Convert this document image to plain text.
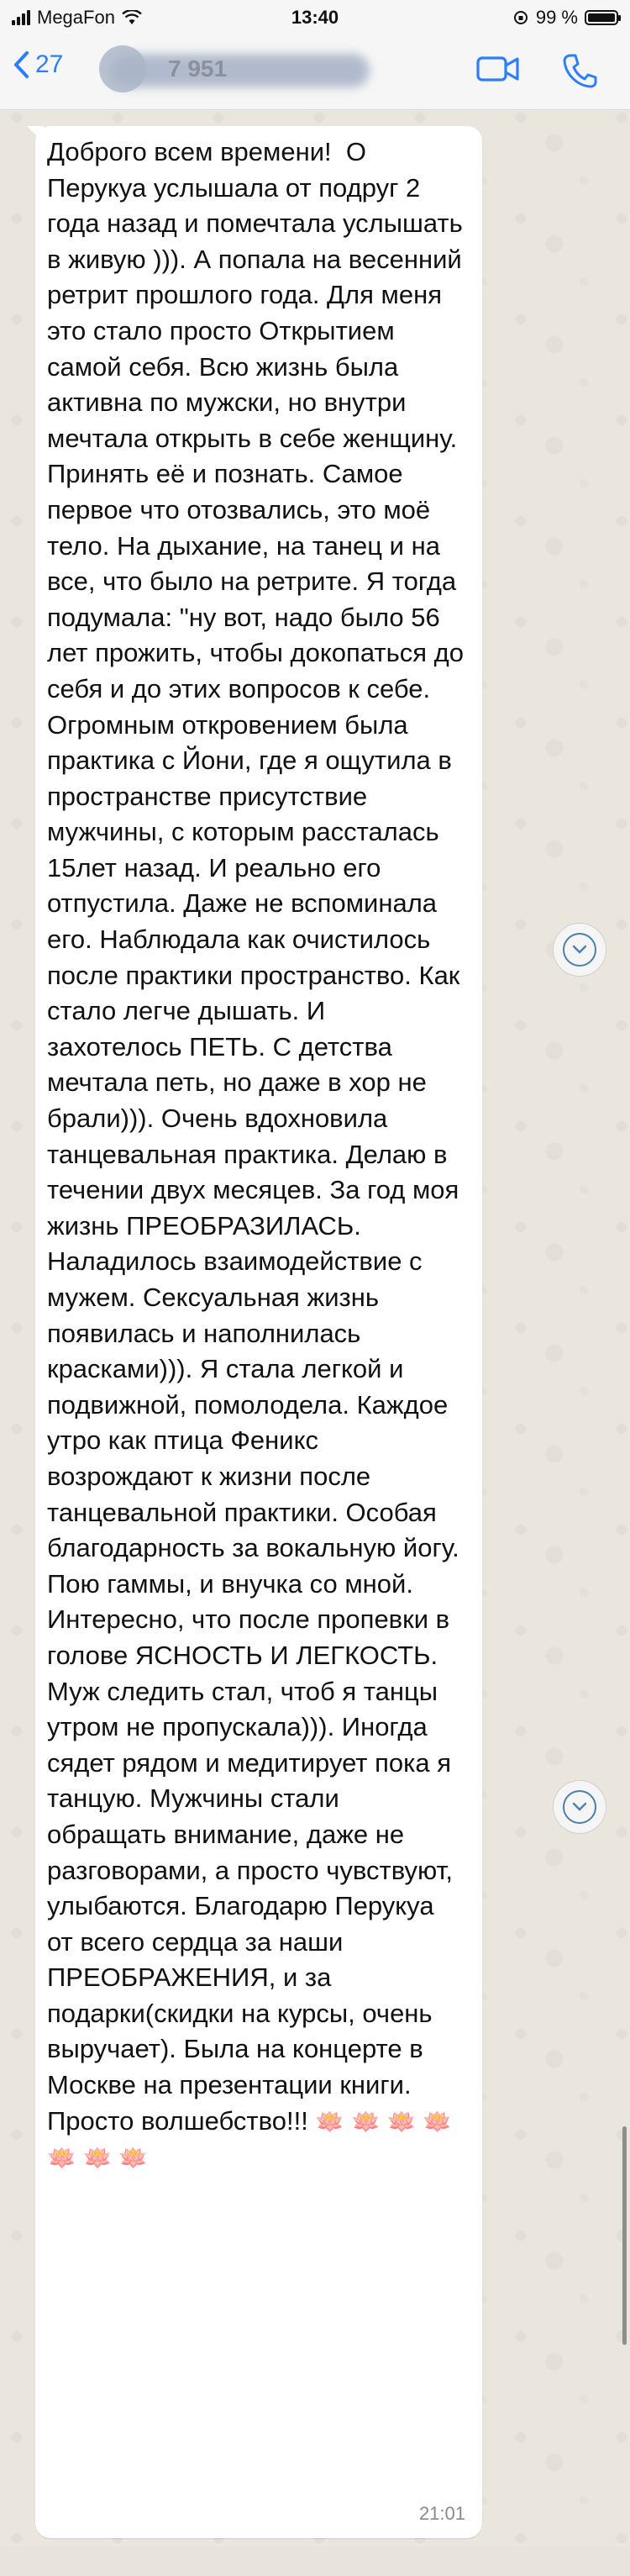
MegaFon	13:40	99 %
27	7 951

Доброго всем времени!  О Перукуа услышала от подруг 2 года назад и помечтала услышать в живую ))). А попала на весенний ретрит прошлого года. Для меня это стало просто Открытием самой себя. Всю жизнь была активна по мужски, но внутри мечтала открыть в себе женщину. Принять её и познать. Самое первое что отозвались, это моё тело. На дыхание, на танец и на все, что было на ретрите. Я тогда подумала: "ну вот, надо было 56 лет прожить, чтобы докопаться до себя и до этих вопросов к себе. Огромным откровением была практика с Йони, где я ощутила в пространстве присутствие мужчины, с которым рассталась 15лет назад. И реально его отпустила. Даже не вспоминала его. Наблюдала как очистилось после практики пространство. Как стало легче дышать. И захотелось ПЕТЬ. С детства мечтала петь, но даже в хор не брали))). Очень вдохновила танцевальная практика. Делаю в течении двух месяцев. За год моя жизнь ПРЕОБРАЗИЛАСЬ. Наладилось взаимодействие с мужем. Сексуальная жизнь появилась и наполнилась красками))). Я стала легкой и подвижной, помолодела. Каждое утро как птица Феникс возрождают к жизни после танцевальной практики. Особая благодарность за вокальную йогу. Пою гаммы, и внучка со мной. Интересно, что после пропевки в голове ЯСНОСТЬ И ЛЕГКОСТЬ.
Муж следить стал, чтоб я танцы утром не пропускала))). Иногда сядет рядом и медитирует пока я танцую. Мужчины стали обращать внимание, даже не разговорами, а просто чувствуют, улыбаются. Благодарю Перукуа от всего сердца за наши ПРЕОБРАЖЕНИЯ, и за подарки(скидки на курсы, очень выручает). Была на концерте в Москве на презентации книги. Просто волшебство!!! 🪷 🪷 🪷 🪷 🪷 🪷 🪷

21:01
